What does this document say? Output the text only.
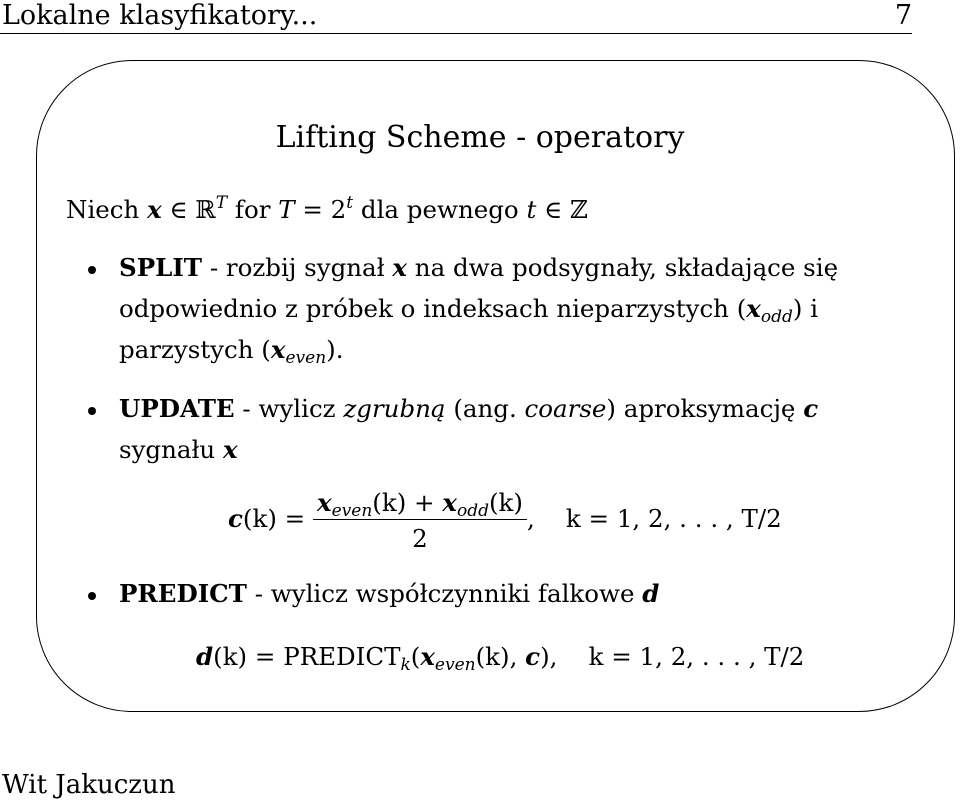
Lokalne klasyfikatory...	7
Lifting Scheme - operatory
Niech x ∈ ℝ$^T$ for $T = 2^t$ dla pewnego t ∈ ℤ
SPLIT - rozbij sygnał x na dwa podsygnały, składające się
odpowiednio z próbek o indeksach nieparzystych $(x_{odd})$ i
parzystych $(x_{even})$.
UPDATE - wylicz zgrubną (ang. coarse) aproksymację c
sygnału x
$c(k) = \frac{x_{even}(k) + x_{odd}(k)}{2}$ ,    k = 1, 2, . . . , T/2
PREDICT - wylicz współczynniki falkowe d
$d(k) = PREDICT_k(x_{even}(k)$, c),    k = 1, 2, . . . , T/2
Wit Jakuczun
